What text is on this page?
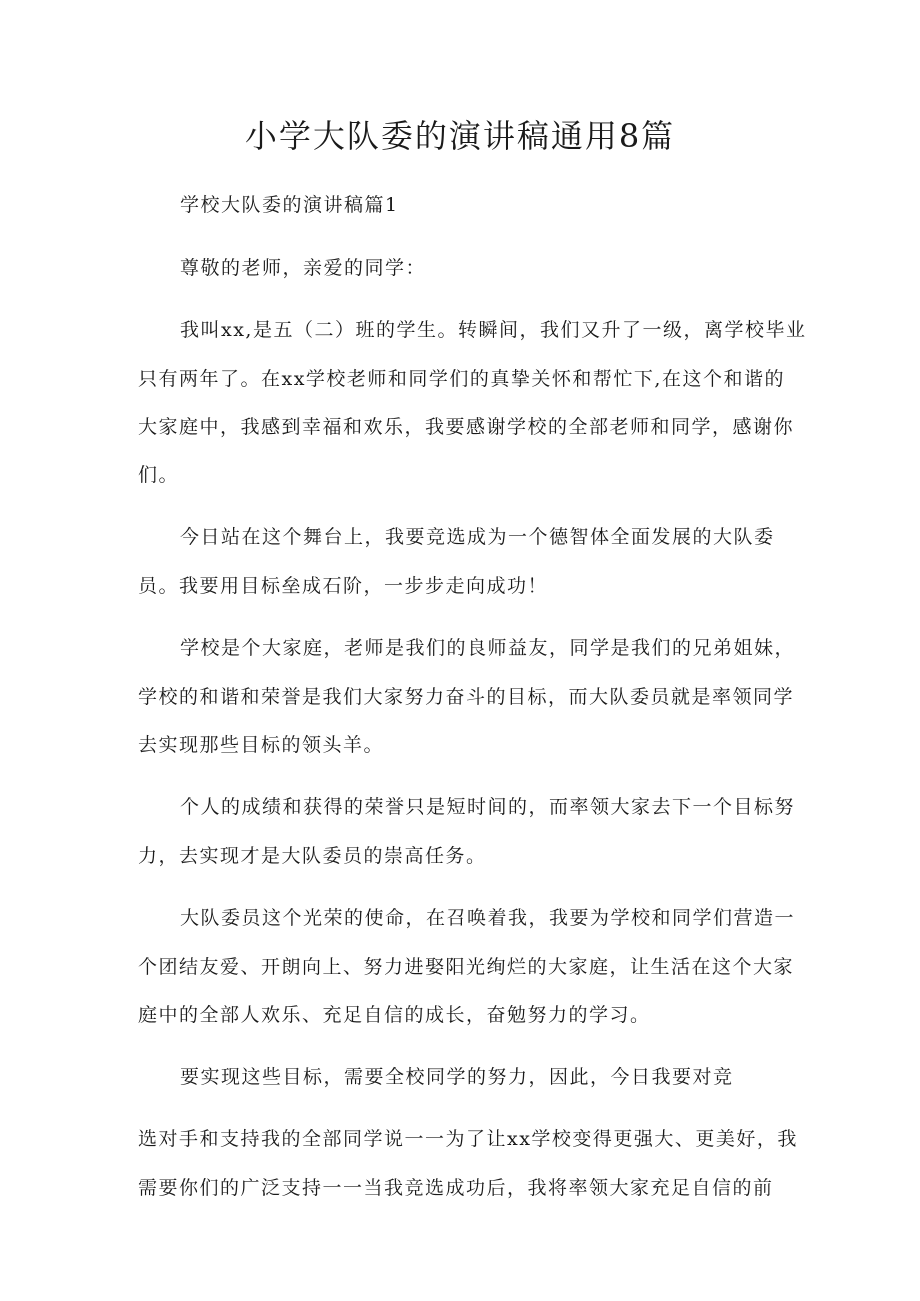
小学大队委的演讲稿通用8篇

学校大队委的演讲稿篇1

尊敬的老师，亲爱的同学：

我叫xx,是五（二）班的学生。转瞬间，我们又升了一级，离学校毕业

只有两年了。在xx学校老师和同学们的真挚关怀和帮忙下,在这个和谐的

大家庭中，我感到幸福和欢乐，我要感谢学校的全部老师和同学，感谢你

们。

今日站在这个舞台上，我要竞选成为一个德智体全面发展的大队委

员。我要用目标垒成石阶，一步步走向成功！

学校是个大家庭，老师是我们的良师益友，同学是我们的兄弟姐妹，

学校的和谐和荣誉是我们大家努力奋斗的目标，而大队委员就是率领同学

去实现那些目标的领头羊。

个人的成绩和获得的荣誉只是短时间的，而率领大家去下一个目标努

力，去实现才是大队委员的崇高任务。

大队委员这个光荣的使命，在召唤着我，我要为学校和同学们营造一

个团结友爱、开朗向上、努力进娶阳光绚烂的大家庭，让生活在这个大家

庭中的全部人欢乐、充足自信的成长，奋勉努力的学习。

要实现这些目标，需要全校同学的努力，因此，今日我要对竞

选对手和支持我的全部同学说一一为了让xx学校变得更强大、更美好，我

需要你们的广泛支持一一当我竞选成功后，我将率领大家充足自信的前
